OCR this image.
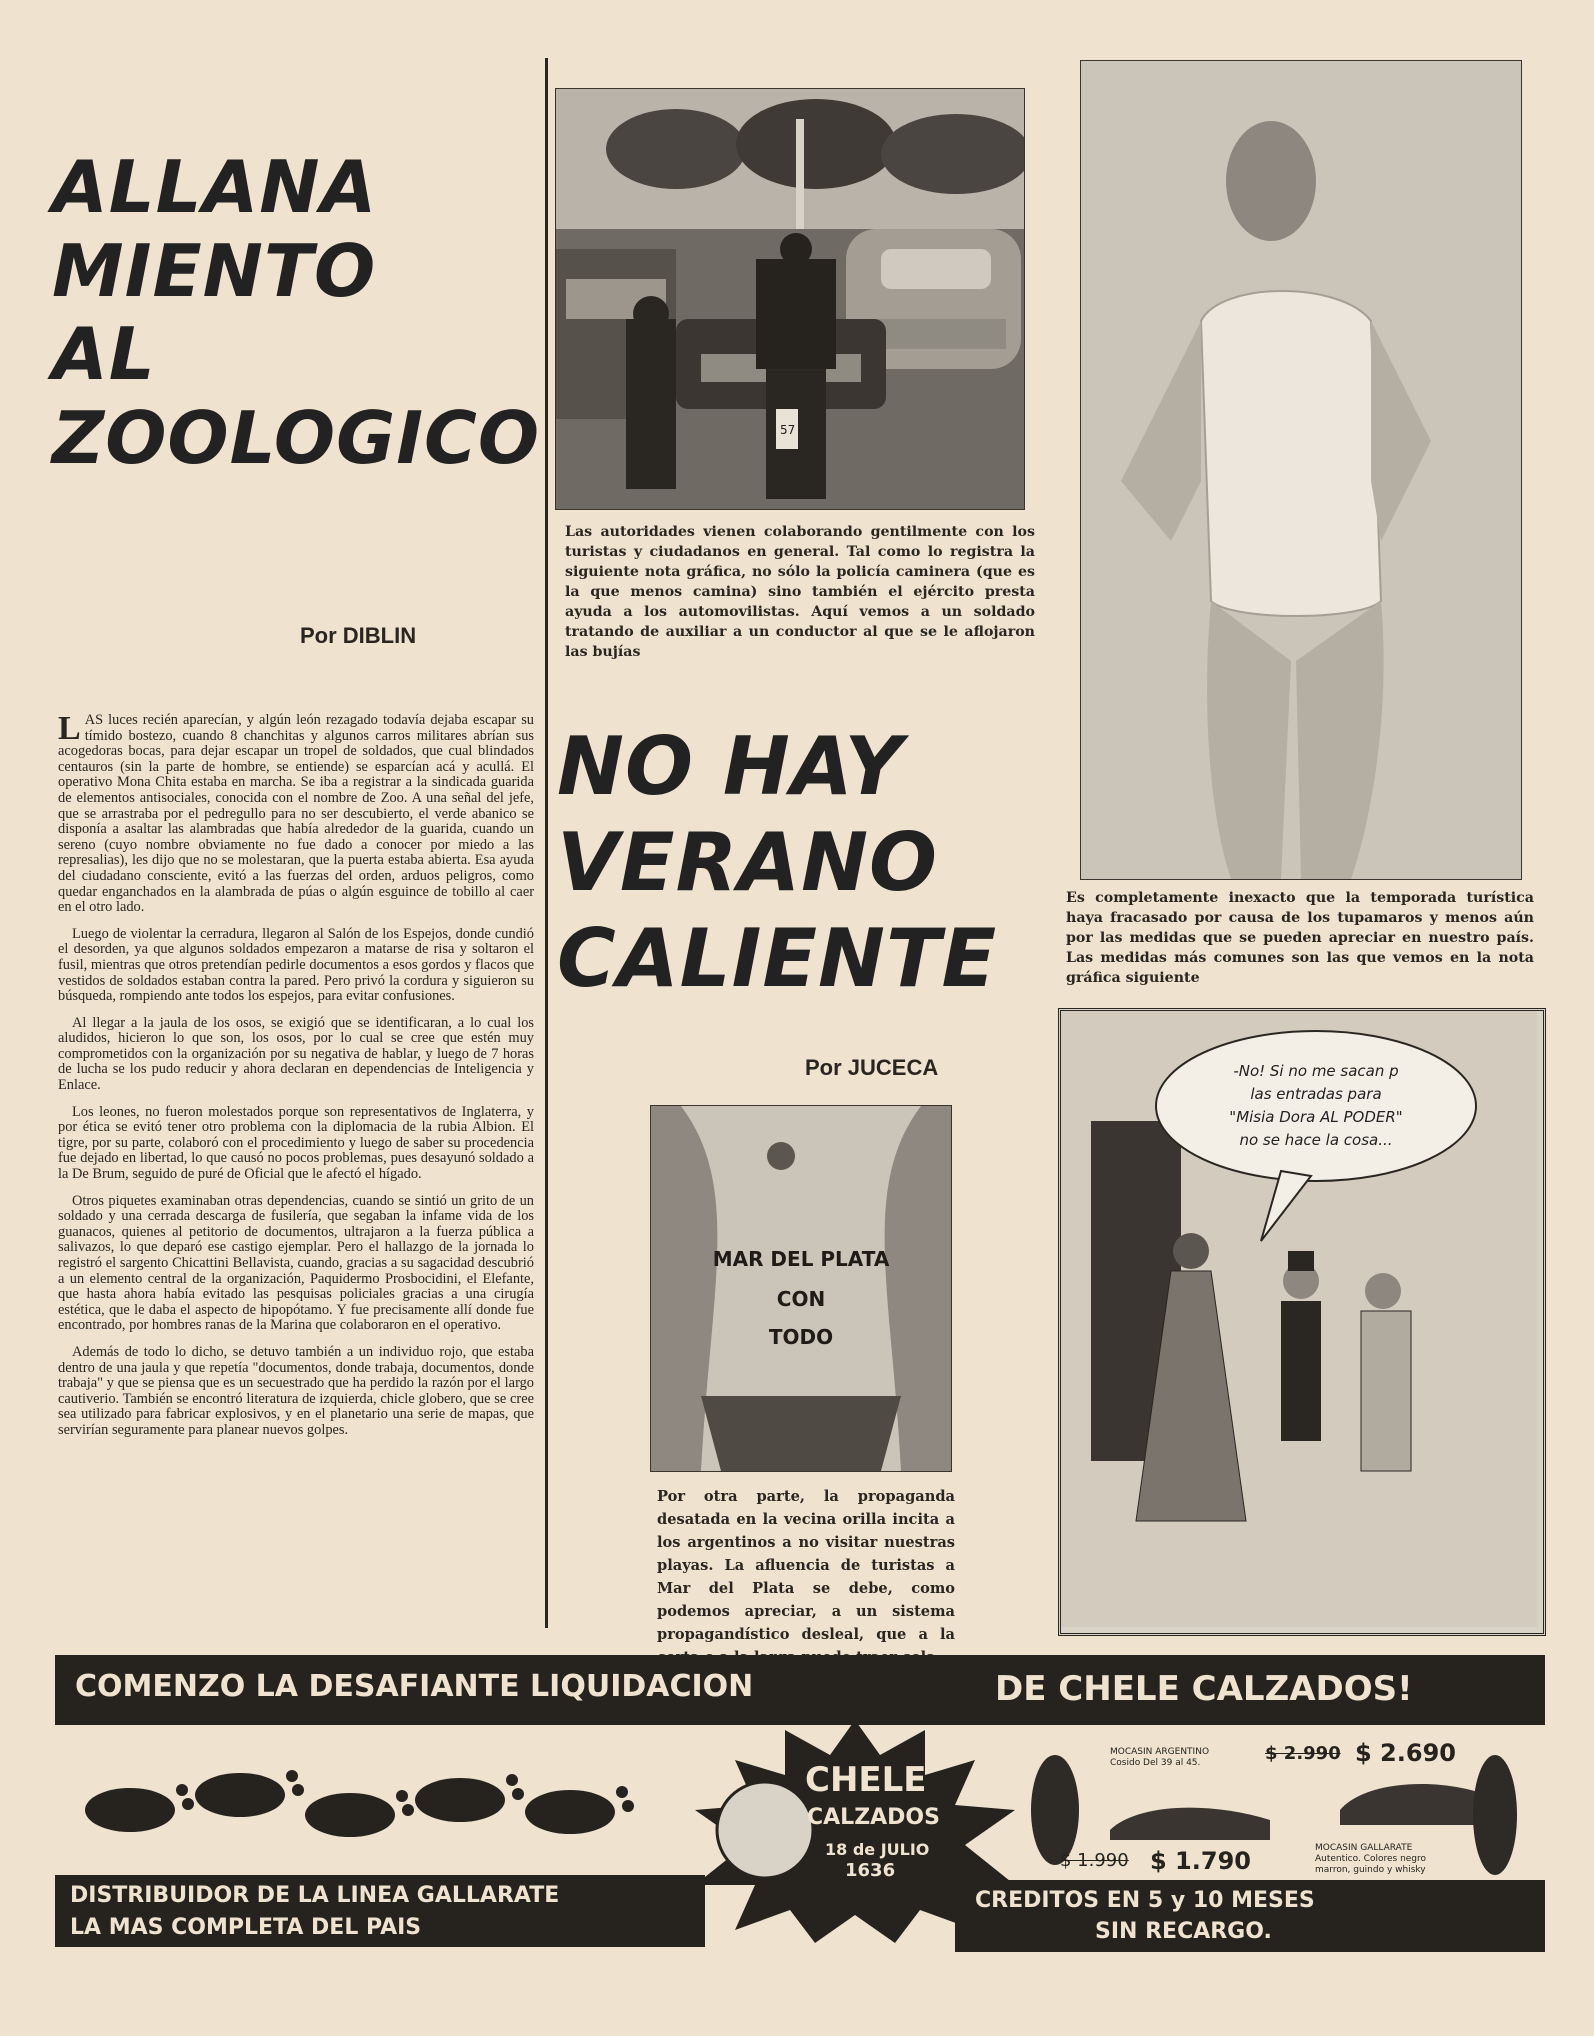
ALLANA
MIENTO
AL
ZOOLOGICO
Por DIBLIN

LAS luces recién aparecían, y algún león rezagado todavía dejaba escapar su tímido bostezo, cuando 8 chanchitas y algunos carros militares abrían sus acogedoras bocas, para dejar escapar un tropel de soldados, que cual blindados centauros (sin la parte de hombre, se entiende) se esparcían acá y acullá. El operativo Mona Chita estaba en marcha. Se iba a registrar a la sindicada guarida de elementos antisociales, conocida con el nombre de Zoo. A una señal del jefe, que se arrastraba por el pedregullo para no ser descubierto, el verde abanico se disponía a asaltar las alambradas que había alrededor de la guarida, cuando un sereno (cuyo nombre obviamente no fue dado a conocer por miedo a las represalias), les dijo que no se molestaran, que la puerta estaba abierta. Esa ayuda del ciudadano consciente, evitó a las fuerzas del orden, arduos peligros, como quedar enganchados en la alambrada de púas o algún esguince de tobillo al caer en el otro lado.

Luego de violentar la cerradura, llegaron al Salón de los Espejos, donde cundió el desorden, ya que algunos soldados empezaron a matarse de risa y soltaron el fusil, mientras que otros pretendían pedirle documentos a esos gordos y flacos que vestidos de soldados estaban contra la pared. Pero privó la cordura y siguieron su búsqueda, rompiendo ante todos los espejos, para evitar confusiones.

Al llegar a la jaula de los osos, se exigió que se identificaran, a lo cual los aludidos, hicieron lo que son, los osos, por lo cual se cree que estén muy comprometidos con la organización por su negativa de hablar, y luego de 7 horas de lucha se los pudo reducir y ahora declaran en dependencias de Inteligencia y Enlace.

Los leones, no fueron molestados porque son representativos de Inglaterra, y por ética se evitó tener otro problema con la diplomacia de la rubia Albion. El tigre, por su parte, colaboró con el procedimiento y luego de saber su procedencia fue dejado en libertad, lo que causó no pocos problemas, pues desayunó soldado a la De Brum, seguido de puré de Oficial que le afectó el hígado.

Otros piquetes examinaban otras dependencias, cuando se sintió un grito de un soldado y una cerrada descarga de fusilería, que segaban la infame vida de los guanacos, quienes al petitorio de documentos, ultrajaron a la fuerza pública a salivazos, lo que deparó ese castigo ejemplar. Pero el hallazgo de la jornada lo registró el sargento Chicattini Bellavista, cuando, gracias a su sagacidad descubrió a un elemento central de la organización, Paquidermo Prosbocidini, el Elefante, que hasta ahora había evitado las pesquisas policiales gracias a una cirugía estética, que le daba el aspecto de hipopótamo. Y fue precisamente allí donde fue encontrado, por hombres ranas de la Marina que colaboraron en el operativo.

Además de todo lo dicho, se detuvo también a un individuo rojo, que estaba dentro de una jaula y que repetía "documentos, donde trabaja, documentos, donde trabaja" y que se piensa que es un secuestrado que ha perdido la razón por el largo cautiverio. También se encontró literatura de izquierda, chicle globero, que se cree sea utilizado para fabricar explosivos, y en el planetario una serie de mapas, que servirían seguramente para planear nuevos golpes.

57
Las autoridades vienen colaborando gentilmente con los turistas y ciudadanos en general. Tal como lo registra la siguiente nota gráfica, no sólo la policía caminera (que es la que menos camina) sino también el ejército presta ayuda a los automovilistas. Aquí vemos a un soldado tratando de auxiliar a un conductor al que se le aflojaron las bujías
NO HAY
VERANO
CALIENTE
Por JUCECA
MAR DEL PLATA
CON
TODO
Por otra parte, la propaganda desatada en la vecina orilla incita a los argentinos a no visitar nuestras playas. La afluencia de turistas a Mar del Plata se debe, como podemos apreciar, a un sistema propagandístico desleal, que a la
Es completamente inexacto que la temporada turística haya fracasado por causa de los tupamaros y menos aún por las medidas que se pueden apreciar en nuestro país. Las medidas más comunes son las que vemos en la nota gráfica siguiente
-No! Si no me sacan p
las entradas para
"Misia Dora AL PODER"
no se hace la cosa...
COMENZO LA DESAFIANTE LIQUIDACION	DE CHELE CALZADOS!
CHELE
CALZADOS
18 de JULIO
1636
MOCASIN ARGENTINO Cosido Del 39 al 45.
$ 1.990 $ 1.790
$ 2.990 $ 2.690
MOCASIN GALLARATE Autentico. Colores negro marron, guindo y whisky
DISTRIBUIDOR DE LA LINEA GALLARATE
LA MAS COMPLETA DEL PAIS
CREDITOS EN 5 y 10 MESES
SIN RECARGO.
